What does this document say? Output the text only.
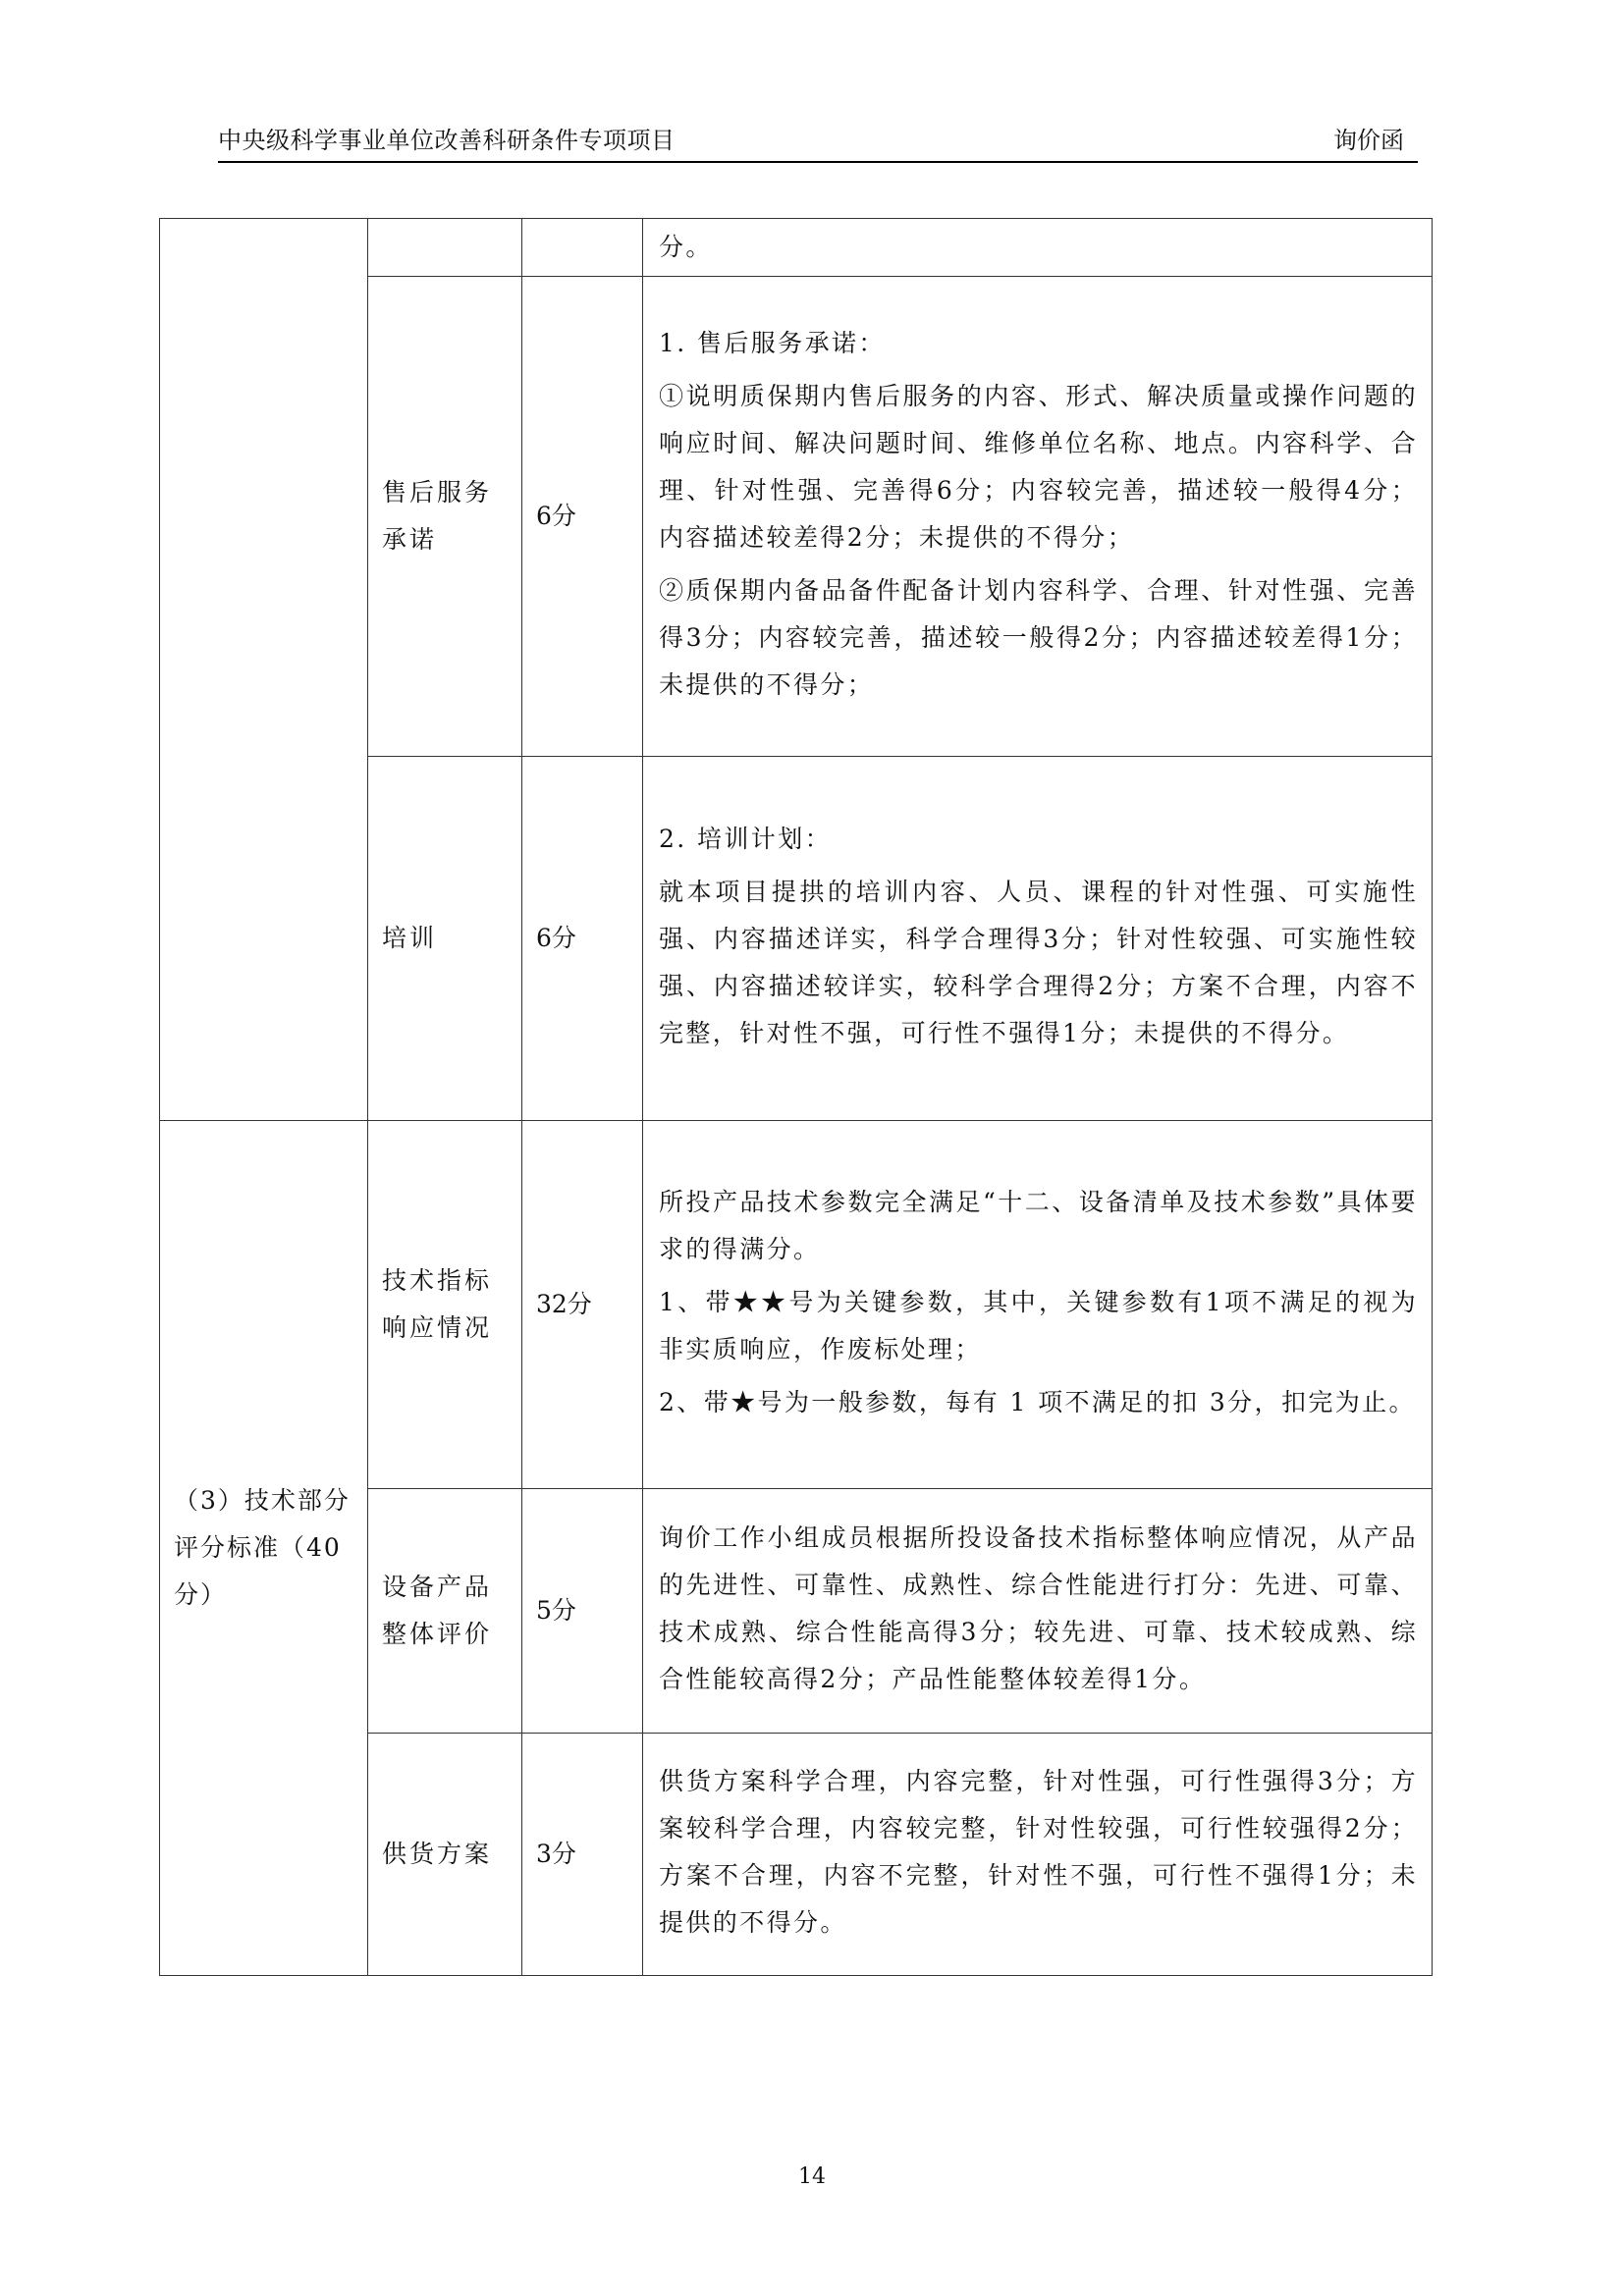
中央级科学事业单位改善科研条件专项项目	询价函

			分。

	售后服务承诺	6分	1. 售后服务承诺：

①说明质保期内售后服务的内容、形式、解决质量或操作问题的响应时间、解决问题时间、维修单位名称、地点。内容科学、合理、针对性强、完善得6分；内容较完善，描述较一般得4分；内容描述较差得2分；未提供的不得分；

②质保期内备品备件配备计划内容科学、合理、针对性强、完善得3分；内容较完善，描述较一般得2分；内容描述较差得1分；未提供的不得分；

	培训	6分	2. 培训计划：

就本项目提拱的培训内容、人员、课程的针对性强、可实施性强、内容描述详实，科学合理得3分；针对性较强、可实施性较强、内容描述较详实，较科学合理得2分；方案不合理，内容不完整，针对性不强，可行性不强得1分；未提供的不得分。

（3）技术部分评分标准（40分）	技术指标响应情况	32分	所投产品技术参数完全满足“十二、设备清单及技术参数”具体要求的得满分。

1、带★★号为关键参数，其中，关键参数有1项不满足的视为非实质响应，作废标处理；

2、带★号为一般参数，每有 1 项不满足的扣 3分，扣完为止。

	设备产品整体评价	5分	询价工作小组成员根据所投设备技术指标整体响应情况，从产品的先进性、可靠性、成熟性、综合性能进行打分：先进、可靠、技术成熟、综合性能高得3分；较先进、可靠、技术较成熟、综合性能较高得2分；产品性能整体较差得1分。

	供货方案	3分	供货方案科学合理，内容完整，针对性强，可行性强得3分；方案较科学合理，内容较完整，针对性较强，可行性较强得2分；方案不合理，内容不完整，针对性不强，可行性不强得1分；未提供的不得分。

14
